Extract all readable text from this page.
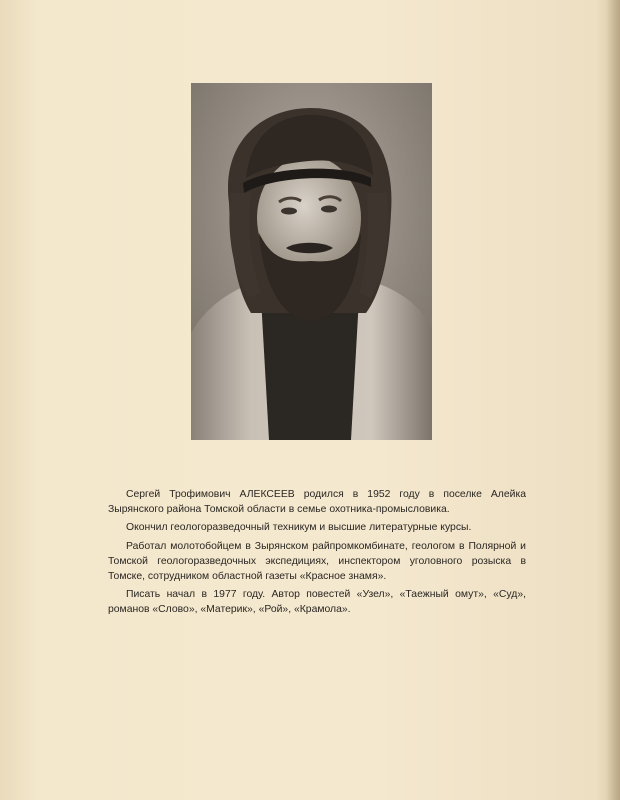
Сергей Трофимович АЛЕКСЕЕВ родился в 1952 году в поселке Алейка Зырянского района Томской области в семье охотника-промысловика.

Окончил геологоразведочный техникум и высшие литературные курсы.

Работал молотобойцем в Зырянском райпромкомбинате, геологом в Полярной и Томской геологоразведочных экспедициях, инспектором уголовного розыска в Томске, сотрудником областной газеты «Красное знамя».

Писать начал в 1977 году. Автор повестей «Узел», «Таежный омут», «Суд», романов «Слово», «Материк», «Рой», «Крамола».
